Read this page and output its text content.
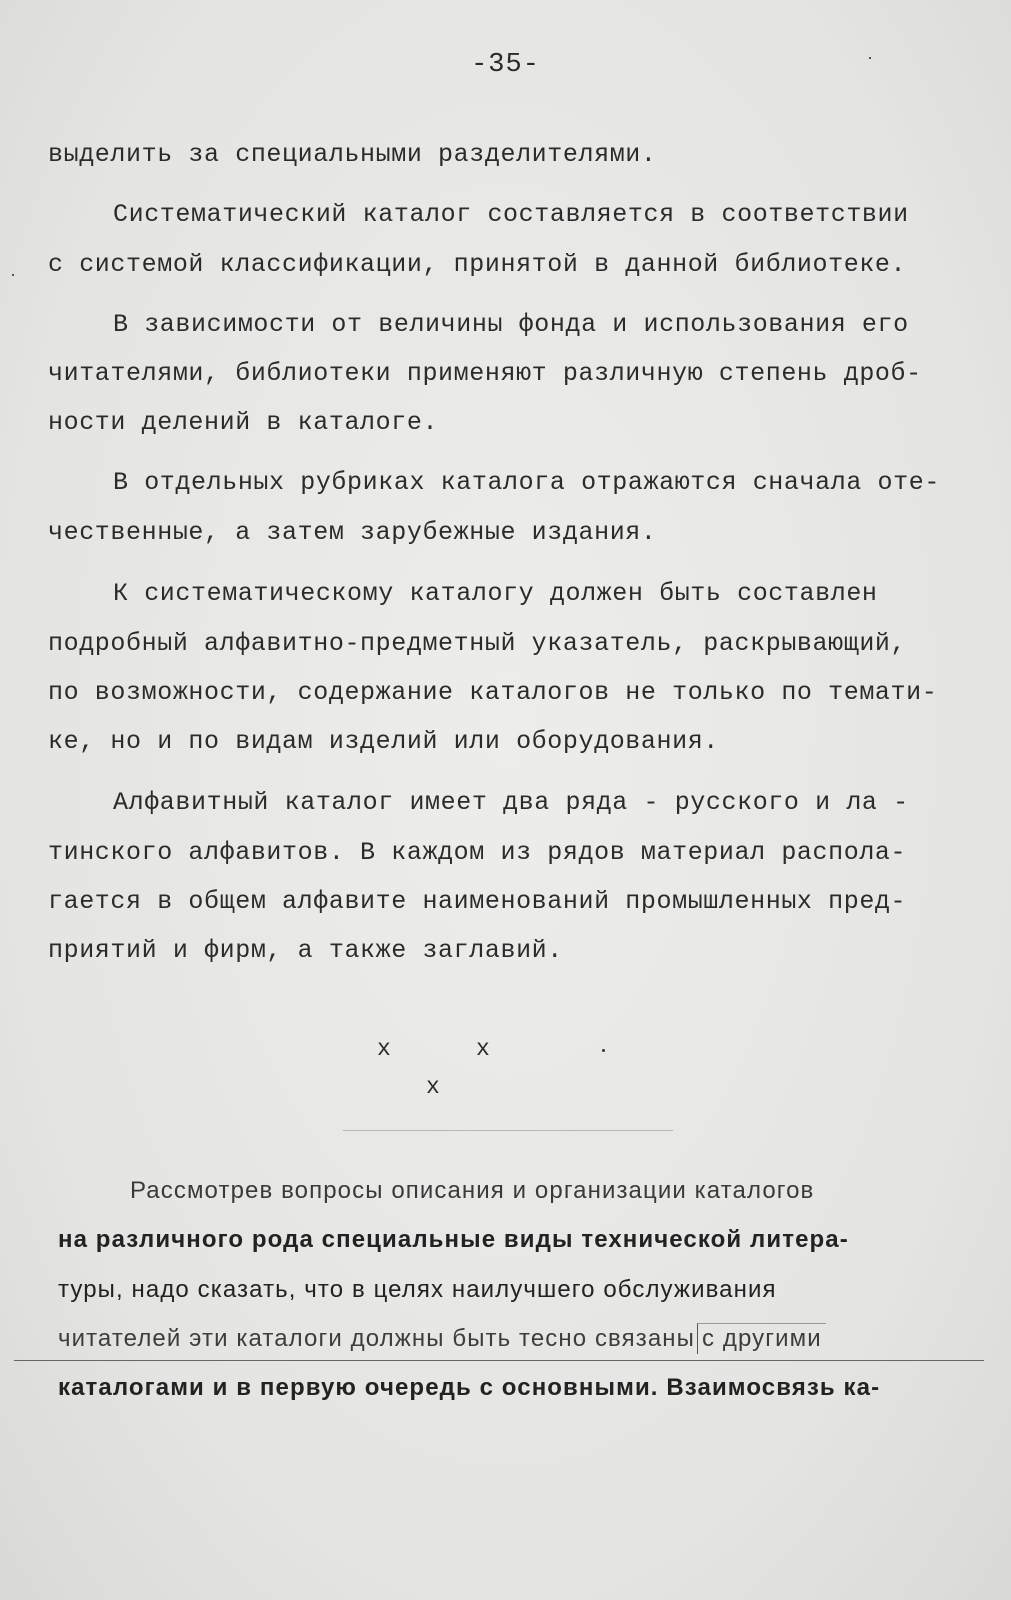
-35-
выделить за специальными разделителями.
Систематический каталог составляется в соответствии
с системой классификации, принятой в данной библиотеке.
В зависимости от величины фонда и использования его
читателями, библиотеки применяют различную степень дроб-
ности делений в каталоге.
В отдельных рубриках каталога отражаются сначала оте-
чественные, а затем зарубежные издания.
К систематическому каталогу должен быть составлен
подробный алфавитно-предметный указатель, раскрывающий,
по возможности, содержание каталогов не только по темати-
ке, но и по видам изделий или оборудования.
Алфавитный каталог имеет два ряда - русского и ла -
тинского алфавитов. В каждом из рядов материал распола-
гается в общем алфавите наименований промышленных пред-
приятий и фирм, а также заглавий.
х	х
х
Рассмотрев вопросы описания и организации каталогов
на различного рода специальные виды технической литера-
туры, надо сказать, что в целях наилучшего обслуживания
читателей эти каталоги должны быть тесно связаны с другими
каталогами и в первую очередь с основными. Взаимосвязь ка-
